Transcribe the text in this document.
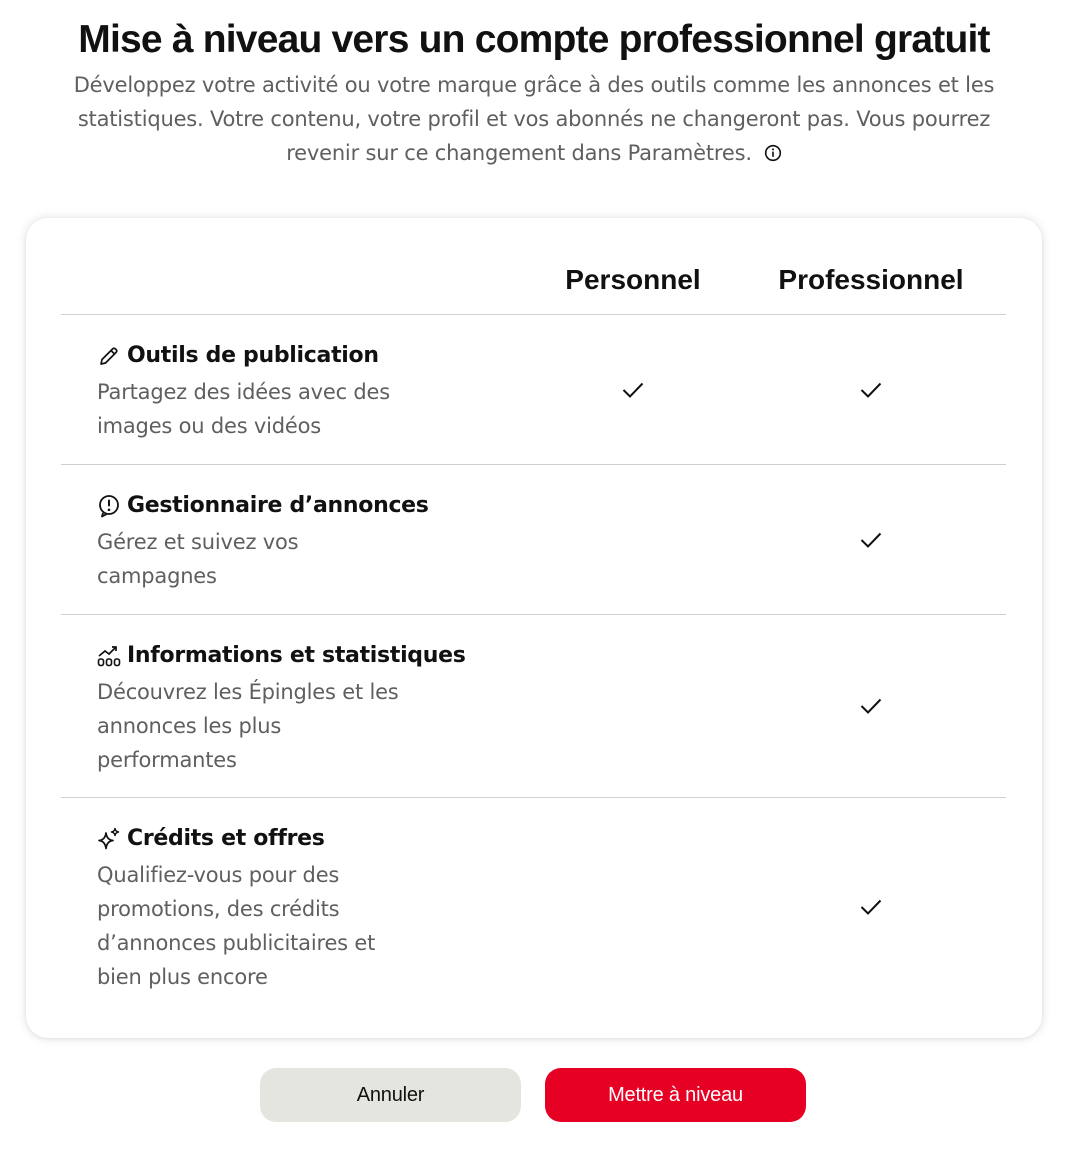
Mise à niveau vers un compte professionnel gratuit

Développez votre activité ou votre marque grâce à des outils comme les annonces et les statistiques. Votre contenu, votre profil et vos abonnés ne changeront pas. Vous pourrez revenir sur ce changement dans Paramètres.

Personnel	Professionnel
Outils de publication
Partagez des idées avec des images ou des vidéos
Gestionnaire d’annonces
Gérez et suivez vos campagnes
Informations et statistiques
Découvrez les Épingles et les annonces les plus performantes
Crédits et offres
Qualifiez-vous pour des promotions, des crédits d’annonces publicitaires et bien plus encore
Annuler	Mettre à niveau
